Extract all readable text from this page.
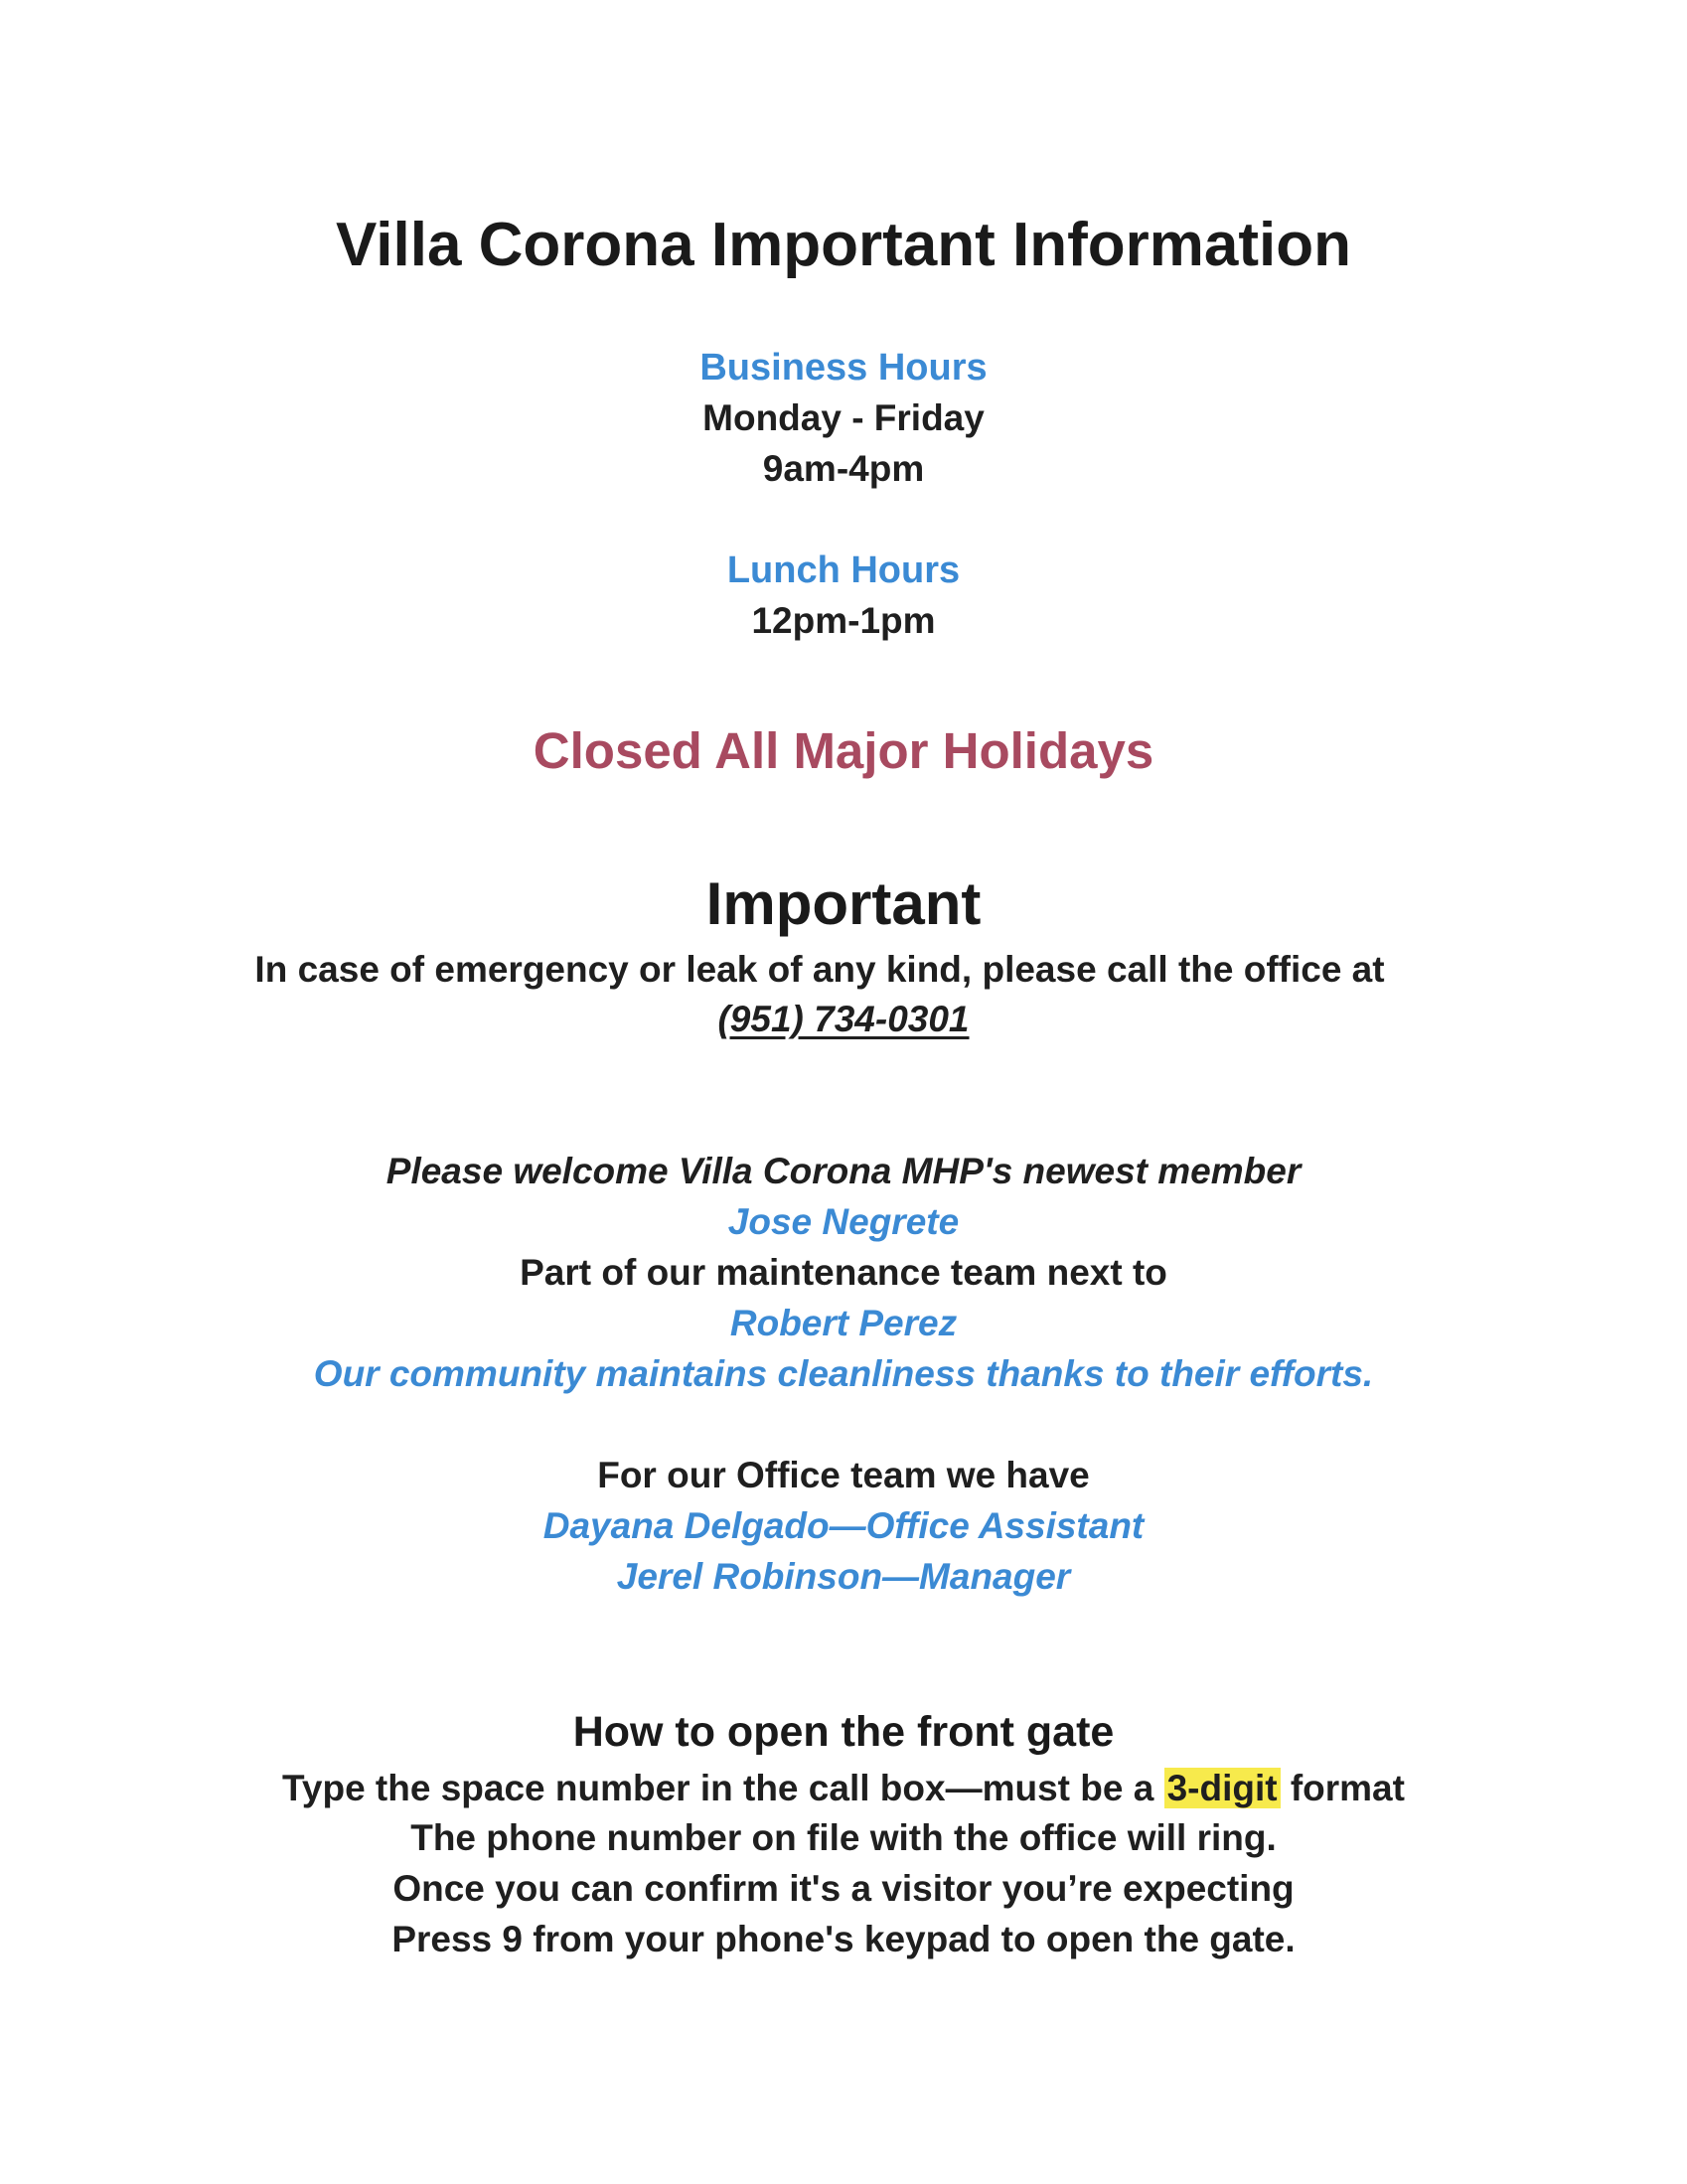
Villa Corona Important Information
Business Hours
Monday - Friday
9am-4pm
Lunch Hours
12pm-1pm
Closed All Major Holidays
Important
In case of emergency or leak of any kind, please call the office at
(951) 734-0301
Please welcome Villa Corona MHP's newest member
Jose Negrete
Part of our maintenance team next to
Robert Perez
Our community maintains cleanliness thanks to their efforts.
For our Office team we have
Dayana Delgado—Office Assistant
Jerel Robinson—Manager
How to open the front gate
Type the space number in the call box—must be a 3-digit format
The phone number on file with the office will ring.
Once you can confirm it's a visitor you’re expecting
Press 9 from your phone's keypad to open the gate.
